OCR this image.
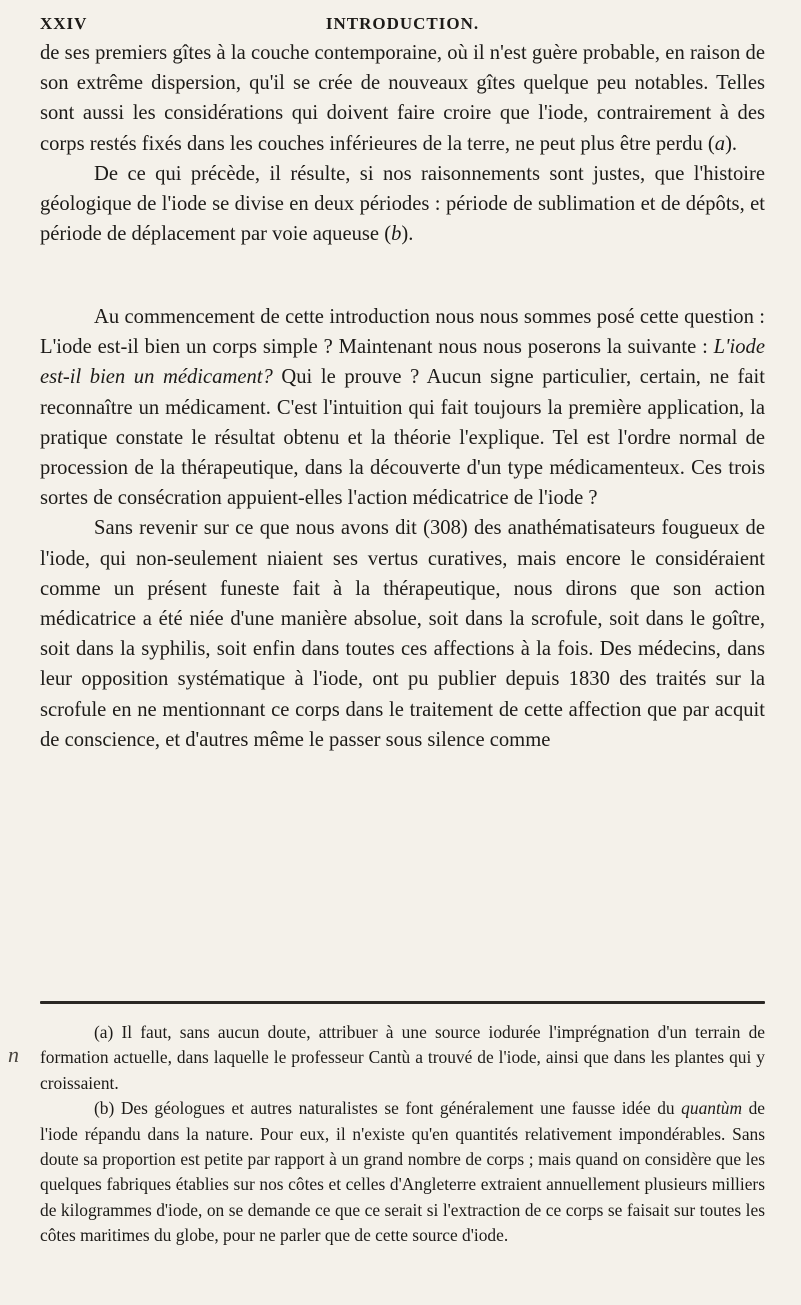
XXIV	INTRODUCTION.

de ses premiers gîtes à la couche contemporaine, où il n'est guère probable, en raison de son extrême dispersion, qu'il se crée de nouveaux gîtes quelque peu notables. Telles sont aussi les considérations qui doivent faire croire que l'iode, contrairement à des corps restés fixés dans les couches inférieures de la terre, ne peut plus être perdu (a).

De ce qui précède, il résulte, si nos raisonnements sont justes, que l'histoire géologique de l'iode se divise en deux périodes : période de sublimation et de dépôts, et période de déplacement par voie aqueuse (b).

Au commencement de cette introduction nous nous sommes posé cette question : L'iode est-il bien un corps simple ? Maintenant nous nous poserons la suivante : L'iode est-il bien un médicament? Qui le prouve ? Aucun signe particulier, certain, ne fait reconnaître un médicament. C'est l'intuition qui fait toujours la première application, la pratique constate le résultat obtenu et la théorie l'explique. Tel est l'ordre normal de procession de la thérapeutique, dans la découverte d'un type médicamenteux. Ces trois sortes de consécration appuient-elles l'action médicatrice de l'iode ?

Sans revenir sur ce que nous avons dit (308) des anathématisateurs fougueux de l'iode, qui non-seulement niaient ses vertus curatives, mais encore le considéraient comme un présent funeste fait à la thérapeutique, nous dirons que son action médicatrice a été niée d'une manière absolue, soit dans la scrofule, soit dans le goître, soit dans la syphilis, soit enfin dans toutes ces affections à la fois. Des médecins, dans leur opposition systématique à l'iode, ont pu publier depuis 1830 des traités sur la scrofule en ne mentionnant ce corps dans le traitement de cette affection que par acquit de conscience, et d'autres même le passer sous silence comme

(a) Il faut, sans aucun doute, attribuer à une source iodurée l'imprégnation d'un terrain de formation actuelle, dans laquelle le professeur Cantù a trouvé de l'iode, ainsi que dans les plantes qui y croissaient.

(b) Des géologues et autres naturalistes se font généralement une fausse idée du quantùm de l'iode répandu dans la nature. Pour eux, il n'existe qu'en quantités relativement impondérables. Sans doute sa proportion est petite par rapport à un grand nombre de corps ; mais quand on considère que les quelques fabriques établies sur nos côtes et celles d'Angleterre extraient annuellement plusieurs milliers de kilogrammes d'iode, on se demande ce que ce serait si l'extraction de ce corps se faisait sur toutes les côtes maritimes du globe, pour ne parler que de cette source d'iode.

n
